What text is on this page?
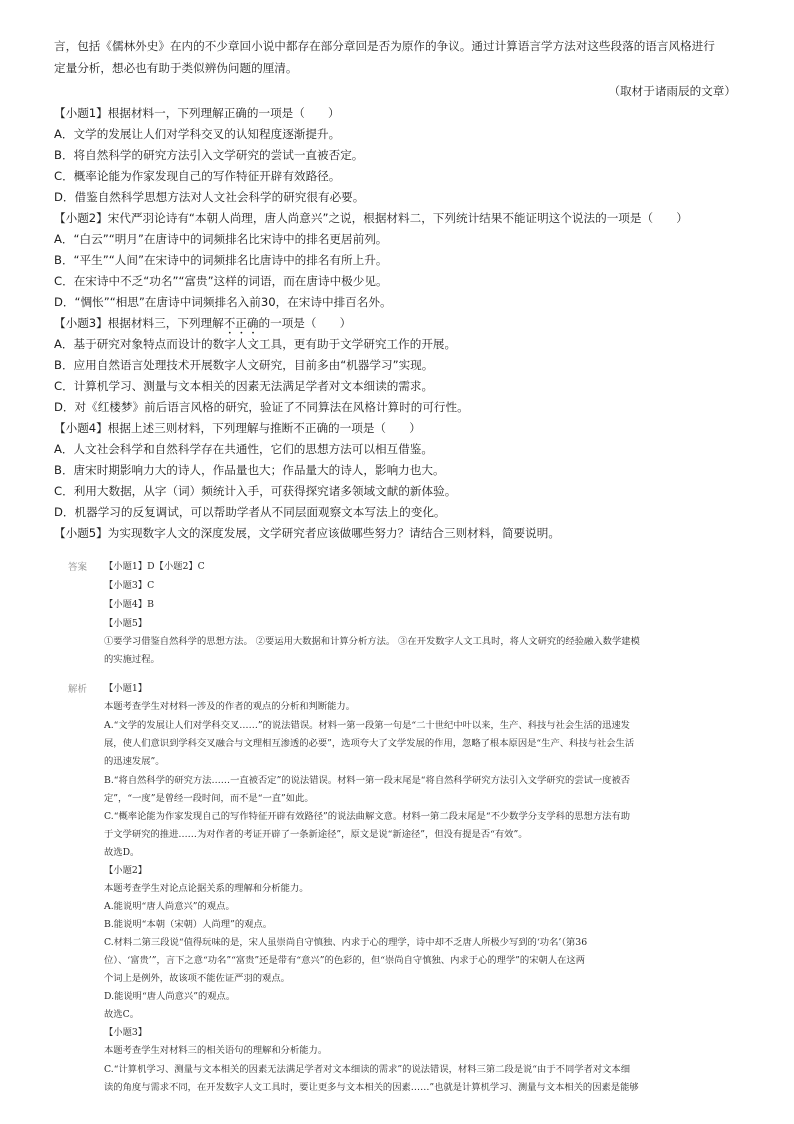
言，包括《儒林外史》在内的不少章回小说中都存在部分章回是否为原作的争议。通过计算语言学方法对这些段落的语言风格进行
定量分析，想必也有助于类似辨伪问题的厘清。
（取材于诸雨辰的文章）
【小题1】根据材料一，下列理解正确的一项是（　　）
A．文学的发展让人们对学科交叉的认知程度逐渐提升。
B．将自然科学的研究方法引入文学研究的尝试一直被否定。
C．概率论能为作家发现自己的写作特征开辟有效路径。
D．借鉴自然科学思想方法对人文社会科学的研究很有必要。
【小题2】宋代严羽论诗有“本朝人尚理，唐人尚意兴”之说，根据材料二，下列统计结果不能证明这个说法的一项是（　　）
A．“白云”“明月”在唐诗中的词频排名比宋诗中的排名更居前列。
B．“平生”“人间”在宋诗中的词频排名比唐诗中的排名有所上升。
C．在宋诗中不乏“功名”“富贵”这样的词语，而在唐诗中极少见。
D．“惆怅”“相思”在唐诗中词频排名入前30，在宋诗中排百名外。
【小题3】根据材料三，下列理解不正确的一项是（　　）
A．基于研究对象特点而设计的数字人文工具，更有助于文学研究工作的开展。
B．应用自然语言处理技术开展数字人文研究，目前多由“机器学习”实现。
C．计算机学习、测量与文本相关的因素无法满足学者对文本细读的需求。
D．对《红楼梦》前后语言风格的研究，验证了不同算法在风格计算时的可行性。
【小题4】根据上述三则材料，下列理解与推断不正确的一项是（　　）
A．人文社会科学和自然科学存在共通性，它们的思想方法可以相互借鉴。
B．唐宋时期影响力大的诗人，作品量也大；作品量大的诗人，影响力也大。
C．利用大数据，从字（词）频统计入手，可获得探究诸多领域文献的新体验。
D．机器学习的反复调试，可以帮助学者从不同层面观察文本写法上的变化。
【小题5】为实现数字人文的深度发展，文学研究者应该做哪些努力？请结合三则材料，简要说明。
答案 【小题1】D【小题2】C
【小题3】C
【小题4】B
【小题5】
①要学习借鉴自然科学的思想方法。 ②要运用大数据和计算分析方法。 ③在开发数字人文工具时，将人文研究的经验融入数学建模
的实施过程。
解析 【小题1】
本题考查学生对材料一涉及的作者的观点的分析和判断能力。
A.“文学的发展让人们对学科交叉……”的说法错误。材料一第一段第一句是“二十世纪中叶以来，生产、科技与社会生活的迅速发
展，使人们意识到学科交叉融合与文理相互渗透的必要”，选项夸大了文学发展的作用，忽略了根本原因是“生产、科技与社会生活
的迅速发展”。
B.“将自然科学的研究方法……一直被否定”的说法错误。材料一第一段末尾是“将自然科学研究方法引入文学研究的尝试一度被否
定”，“一度”是曾经一段时间，而不是“一直”如此。
C.“概率论能为作家发现自己的写作特征开辟有效路径”的说法曲解文意。材料一第二段末尾是“不少数学分支学科的思想方法有助
于文学研究的推进……为对作者的考证开辟了一条新途径”，原文是说“新途径”，但没有提是否“有效”。
故选D。
【小题2】
本题考查学生对论点论据关系的理解和分析能力。
A.能说明“唐人尚意兴”的观点。
B.能说明“本朝（宋朝）人尚理”的观点。
C.材料二第三段说“值得玩味的是，宋人虽崇尚自守慎独、内求于心的理学，诗中却不乏唐人所极少写到的‘功名’（第36
位）、‘富贵’”，言下之意“功名”“富贵”还是带有“意兴”的色彩的，但“崇尚自守慎独、内求于心的理学”的宋朝人在这两
个词上是例外，故该项不能佐证严羽的观点。
D.能说明“唐人尚意兴”的观点。
故选C。
【小题3】
本题考查学生对材料三的相关语句的理解和分析能力。
C.“计算机学习、测量与文本相关的因素无法满足学者对文本细读的需求”的说法错误，材料三第二段是说“由于不同学者对文本细
读的角度与需求不同，在开发数字人文工具时，要让更多与文本相关的因素……”也就是计算机学习、测量与文本相关的因素是能够
